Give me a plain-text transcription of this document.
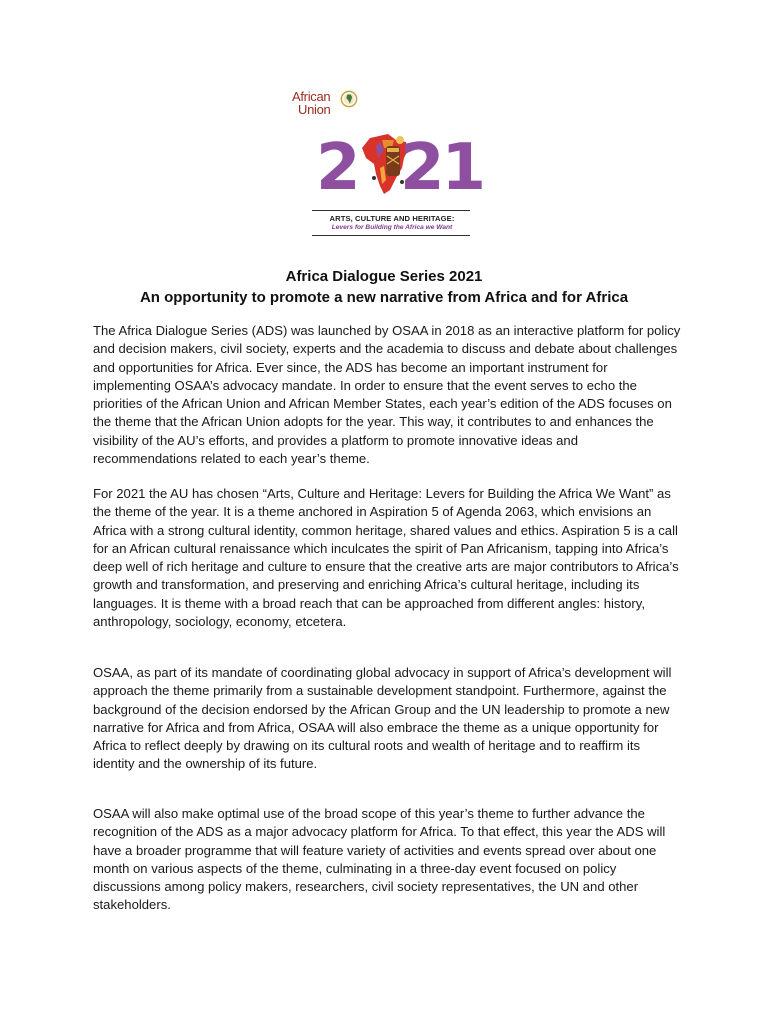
African
Union
2 21
ARTS, CULTURE AND HERITAGE:
Levers for Building the Africa we Want
Africa Dialogue Series 2021
An opportunity to promote a new narrative from Africa and for Africa

The Africa Dialogue Series (ADS) was launched by OSAA in 2018 as an interactive platform for policy and decision makers, civil society, experts and the academia to discuss and debate about challenges and opportunities for Africa. Ever since, the ADS has become an important instrument for implementing OSAA’s advocacy mandate. In order to ensure that the event serves to echo the priorities of the African Union and African Member States, each year’s edition of the ADS focuses on the theme that the African Union adopts for the year. This way, it contributes to and enhances the visibility of the AU’s efforts, and provides a platform to promote innovative ideas and recommendations related to each year’s theme.

For 2021 the AU has chosen “Arts, Culture and Heritage: Levers for Building the Africa We Want” as the theme of the year. It is a theme anchored in Aspiration 5 of Agenda 2063, which envisions an Africa with a strong cultural identity, common heritage, shared values and ethics. Aspiration 5 is a call for an African cultural renaissance which inculcates the spirit of Pan Africanism, tapping into Africa’s deep well of rich heritage and culture to ensure that the creative arts are major contributors to Africa’s growth and transformation, and preserving and enriching Africa’s cultural heritage, including its languages. It is theme with a broad reach that can be approached from different angles: history, anthropology, sociology, economy, etcetera.

OSAA, as part of its mandate of coordinating global advocacy in support of Africa’s development will approach the theme primarily from a sustainable development standpoint. Furthermore, against the background of the decision endorsed by the African Group and the UN leadership to promote a new narrative for Africa and from Africa, OSAA will also embrace the theme as a unique opportunity for Africa to reflect deeply by drawing on its cultural roots and wealth of heritage and to reaffirm its identity and the ownership of its future.

OSAA will also make optimal use of the broad scope of this year’s theme to further advance the recognition of the ADS as a major advocacy platform for Africa. To that effect, this year the ADS will have a broader programme that will feature variety of activities and events spread over about one month on various aspects of the theme, culminating in a three-day event focused on policy discussions among policy makers, researchers, civil society representatives, the UN and other stakeholders.
